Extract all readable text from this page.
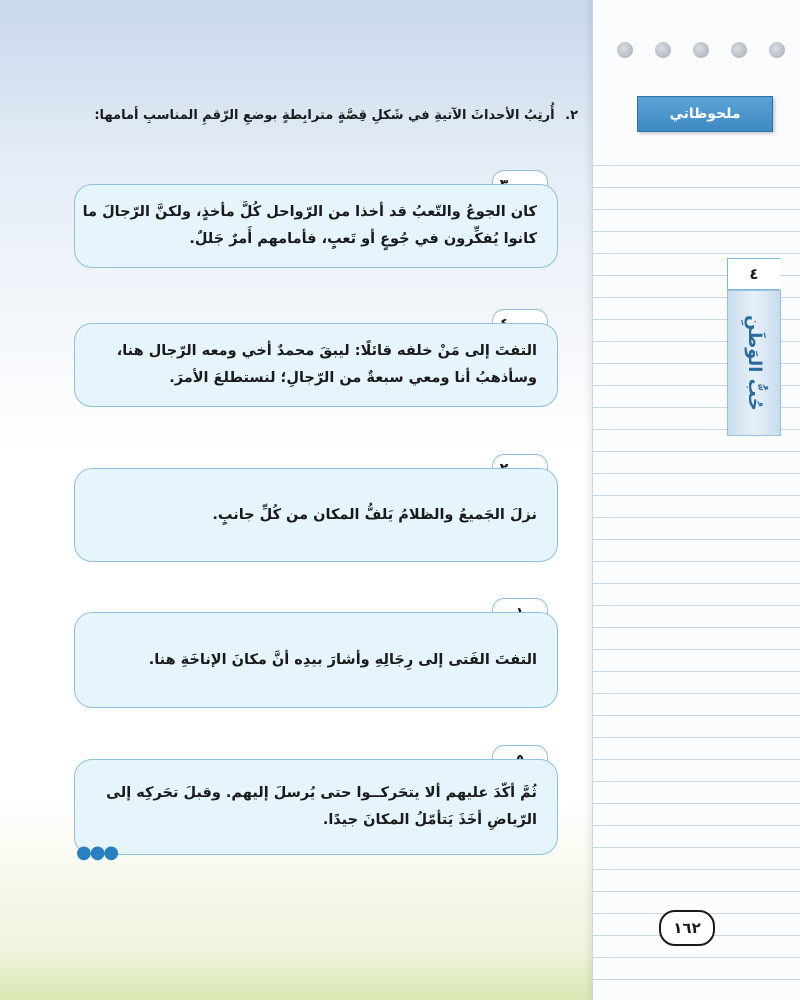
٢. أُرتِبُ الأحداثَ الآتيةِ في شَكلِ قِصَّةٍ مترابِطةٍ بوضعِ الرّقمِ المناسبِ أمامها:
كان الجوعُ والتّعبُ قد أخذا من الرّواحل كُلَّ مأخذٍ، ولكنَّ الرّجالَ ما
كانوا يُفكِّرون في جُوعٍ أو تَعبٍ، فأمامهم أَمرٌ جَللٌ.
التفتَ إلى مَنْ خلفه قائلًا: ليبقَ محمدٌ أخي ومعه الرّجال هنا،
وسأذهبُ أنا ومعي سبعةٌ من الرّجالِ؛ لنستطلعَ الأمرَ.
نزلَ الجَميعُ والظلامُ يَلفُّ المكان من كُلِّ جانبٍ.
التفتَ الفَتى إلى رِجَالِهِ وأشارَ بيدِه أنَّ مكانَ الإناخَةِ هنا.
ثُمَّ أكّدَ عليهم ألا يتحَركــوا حتى يُرسلَ إليهم. وقبلَ تحَركِه إلى
الرّياضِ أخَذَ يَتأمّلُ المكانَ جيدًا.
●●●
ملحوظاتي
٤
حُبُّ الوَطَنِ
١٦٢
